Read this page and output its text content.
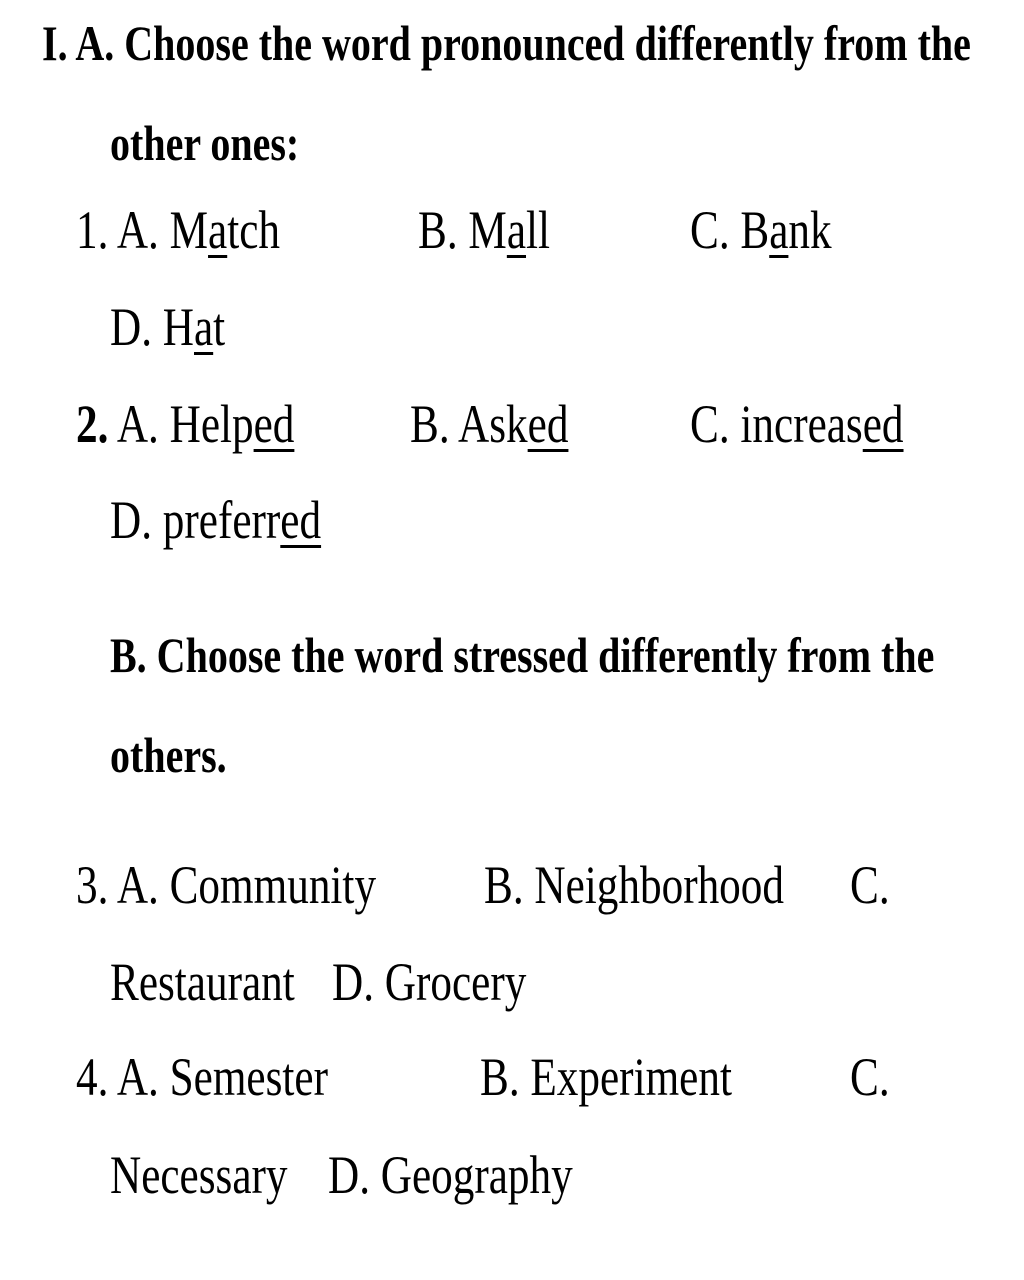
I. A. Choose the word pronounced differently from the
other ones:
1. A. Match	B. Mall	C. Bank
D. Hat
2. A. Helped B. Asked C. increased
D. preferred
B. Choose the word stressed differently from the
others.
3. A. Community B. Neighborhood C.
Restaurant D. Grocery
4. A. Semester	B. Experiment C.
Necessary D. Geography
